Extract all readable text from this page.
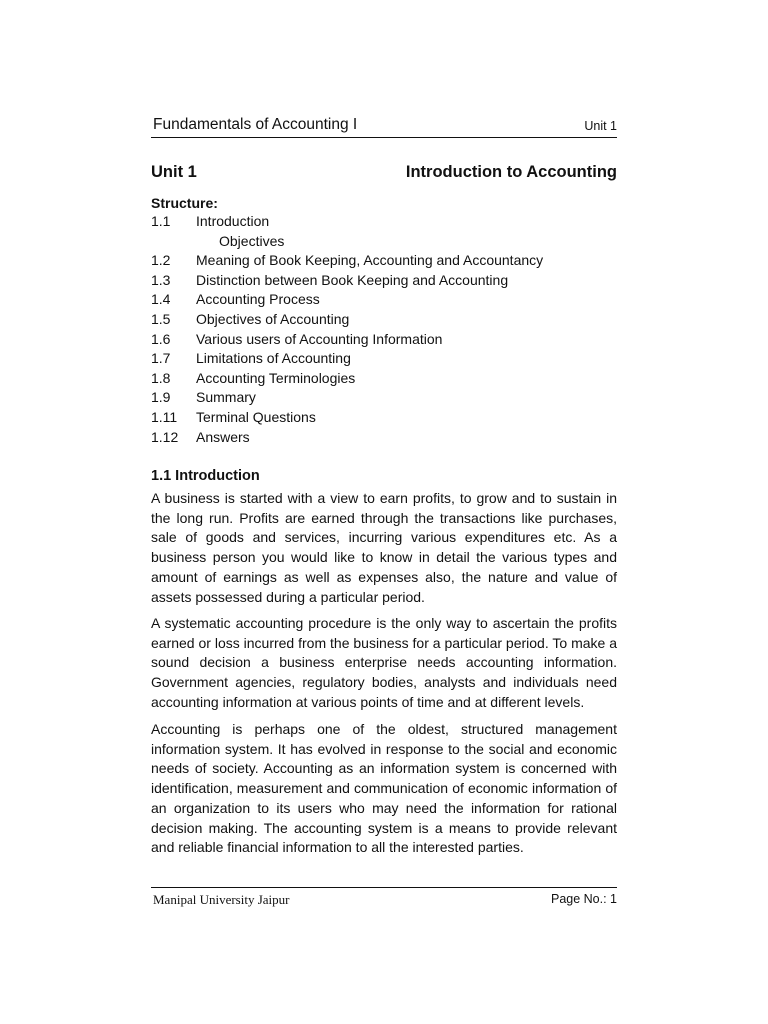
Fundamentals of Accounting I	Unit 1
Unit 1	Introduction to Accounting
Structure:
1.1 Introduction
Objectives
1.2 Meaning of Book Keeping, Accounting and Accountancy
1.3 Distinction between Book Keeping and Accounting
1.4 Accounting Process
1.5 Objectives of Accounting
1.6 Various users of Accounting Information
1.7 Limitations of Accounting
1.8 Accounting Terminologies
1.9 Summary
1.11 Terminal Questions
1.12 Answers
1.1 Introduction

A business is started with a view to earn profits, to grow and to sustain in the long run. Profits are earned through the transactions like purchases, sale of goods and services, incurring various expenditures etc. As a business person you would like to know in detail the various types and amount of earnings as well as expenses also, the nature and value of assets possessed during a particular period.

A systematic accounting procedure is the only way to ascertain the profits earned or loss incurred from the business for a particular period. To make a sound decision a business enterprise needs accounting information. Government agencies, regulatory bodies, analysts and individuals need accounting information at various points of time and at different levels.

Accounting is perhaps one of the oldest, structured management information system. It has evolved in response to the social and economic needs of society. Accounting as an information system is concerned with identification, measurement and communication of economic information of an organization to its users who may need the information for rational decision making. The accounting system is a means to provide relevant and reliable financial information to all the interested parties.

Manipal University Jaipur	Page No.: 1
